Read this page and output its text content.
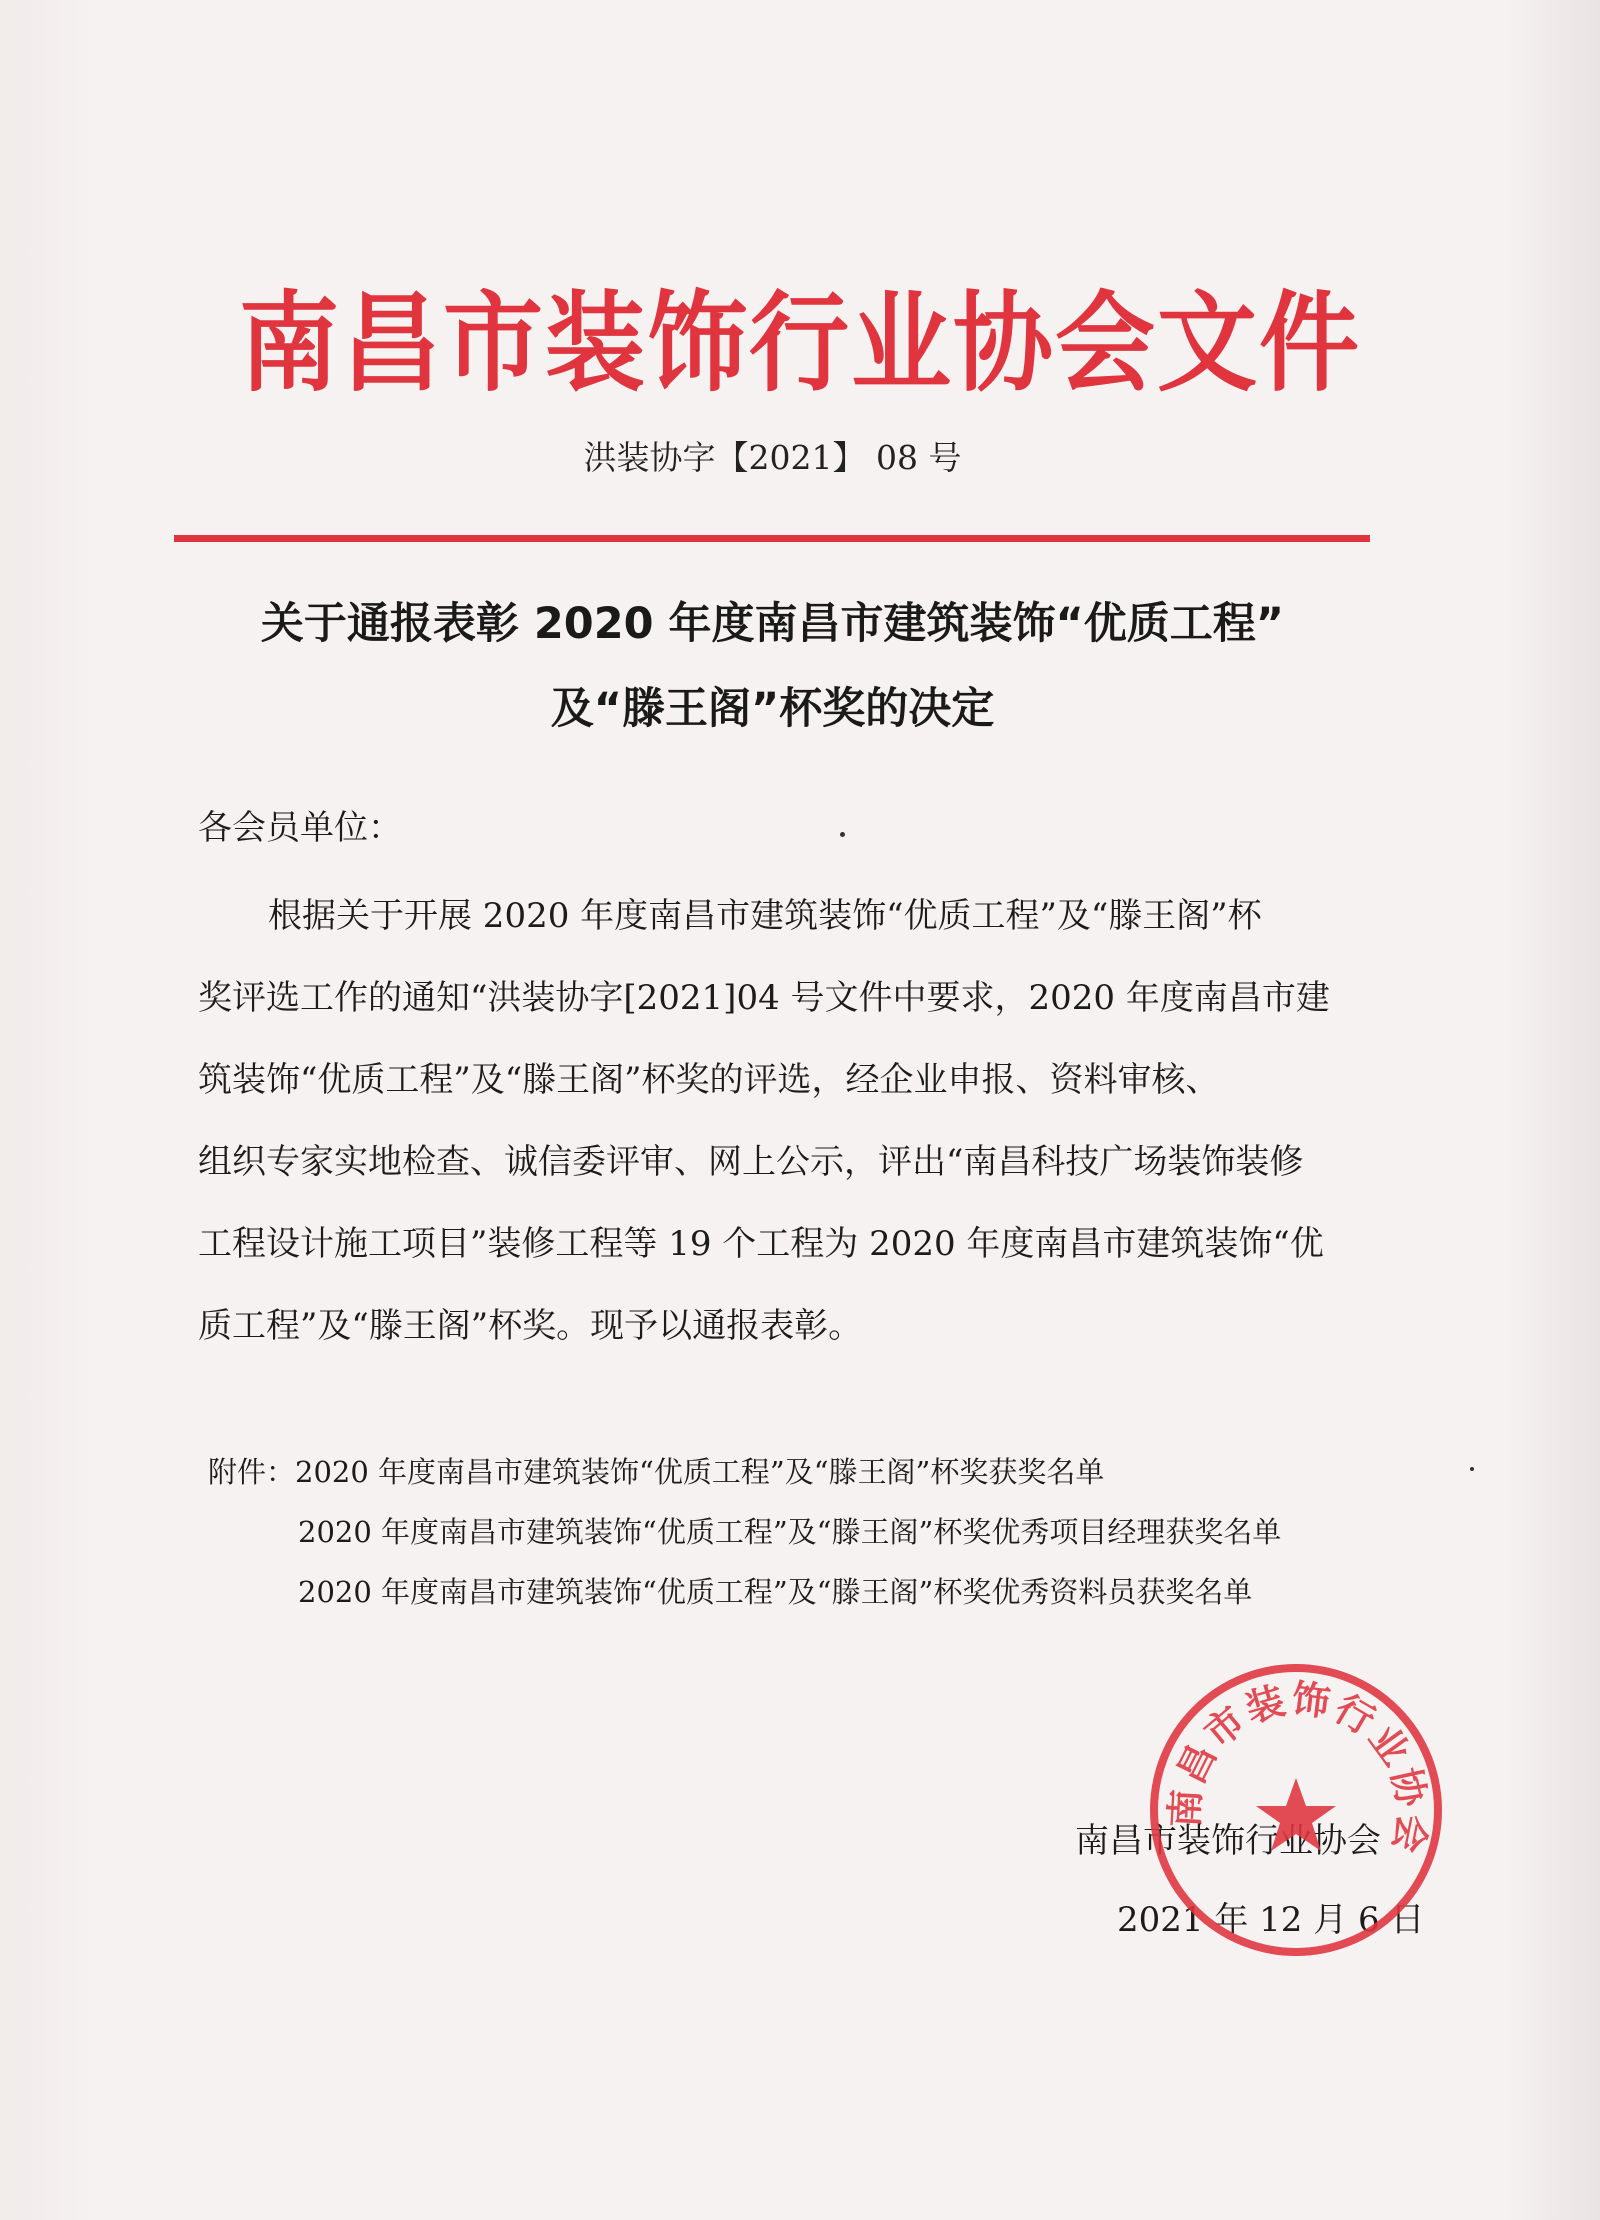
南昌市装饰行业协会文件
洪装协字【2021】 08 号
关于通报表彰 2020 年度南昌市建筑装饰“优质工程”
及“滕王阁”杯奖的决定
各会员单位：
根据关于开展 2020 年度南昌市建筑装饰“优质工程”及“滕王阁”杯
奖评选工作的通知“洪装协字[2021]04 号文件中要求，2020 年度南昌市建
筑装饰“优质工程”及“滕王阁”杯奖的评选，经企业申报、资料审核、
组织专家实地检查、诚信委评审、网上公示，评出“南昌科技广场装饰装修
工程设计施工项目”装修工程等 19 个工程为 2020 年度南昌市建筑装饰“优
质工程”及“滕王阁”杯奖。现予以通报表彰。
附件：2020 年度南昌市建筑装饰“优质工程”及“滕王阁”杯奖获奖名单
2020 年度南昌市建筑装饰“优质工程”及“滕王阁”杯奖优秀项目经理获奖名单
2020 年度南昌市建筑装饰“优质工程”及“滕王阁”杯奖优秀资料员获奖名单
南昌市装饰行业协会
2021 年 12 月 6 日
南昌市装饰行业协会
